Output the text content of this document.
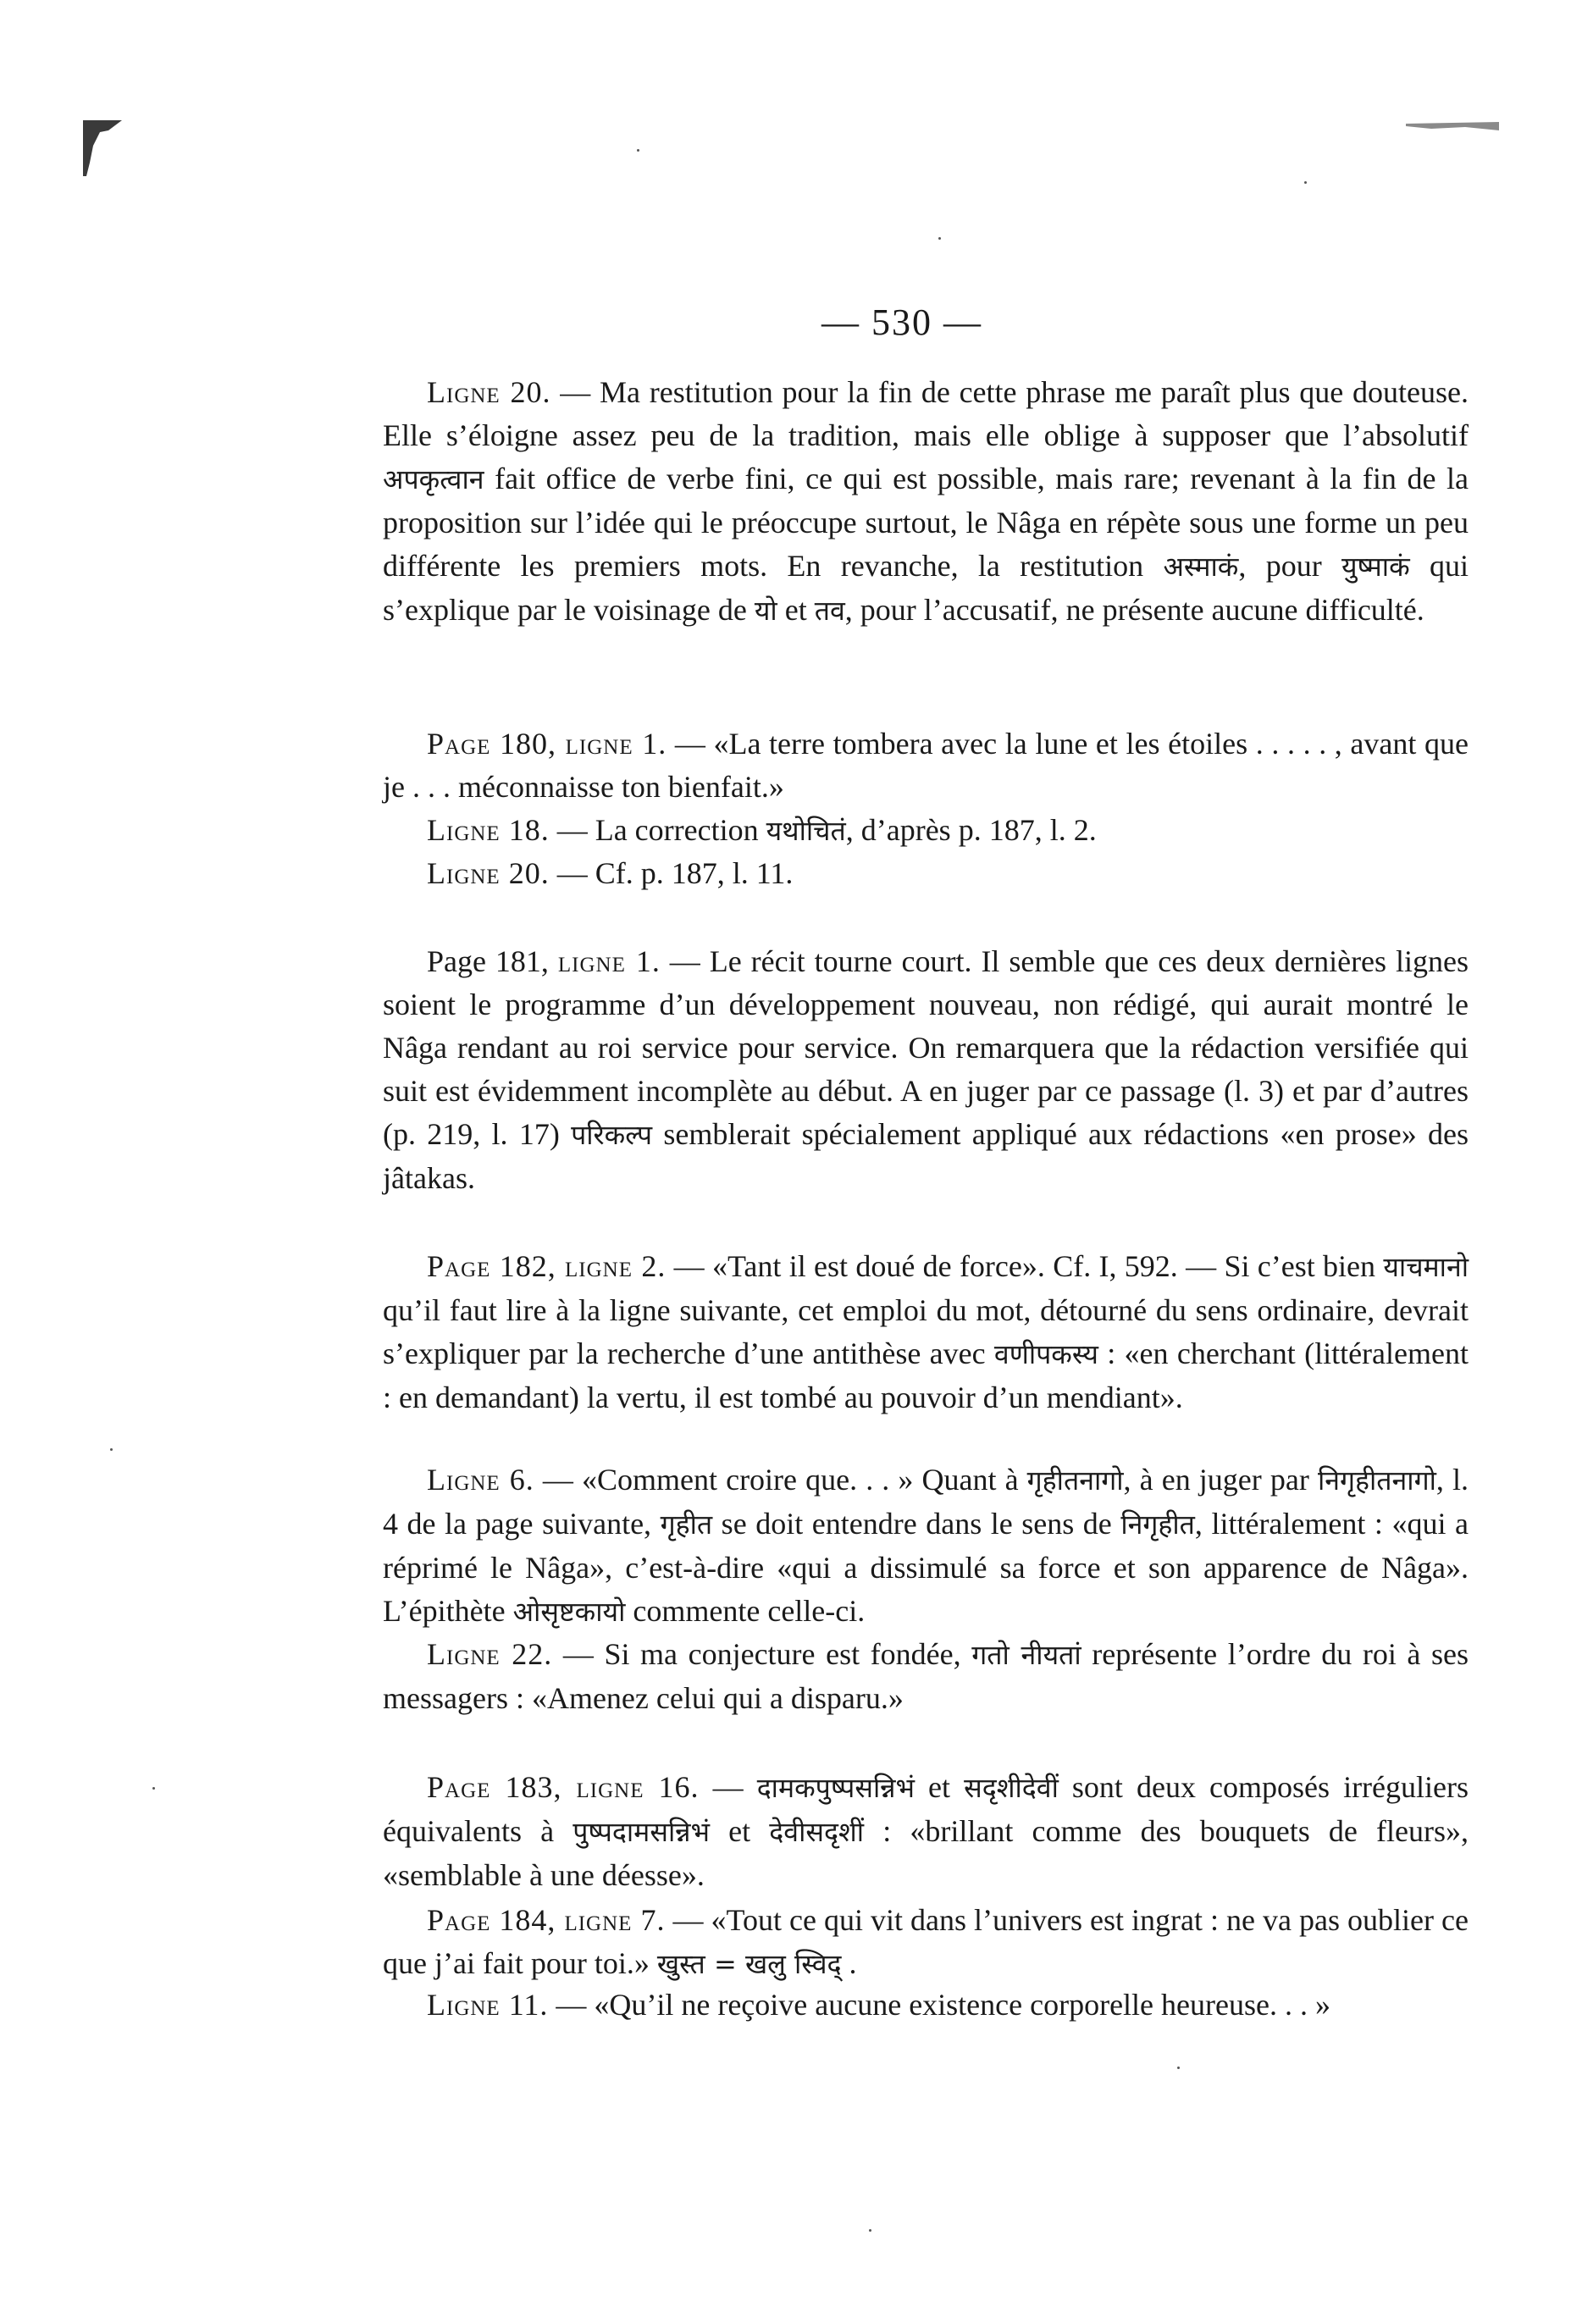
— 530 —

Ligne 20. — Ma restitution pour la fin de cette phrase me paraît plus que douteuse. Elle s’éloigne assez peu de la tradition, mais elle oblige à supposer que l’absolutif अपकृत्वान fait office de verbe fini, ce qui est possible, mais rare; revenant à la fin de la proposition sur l’idée qui le préoccupe surtout, le Nâga en répète sous une forme un peu différente les premiers mots. En revanche, la restitution अस्माकं, pour युष्माकं qui s’explique par le voisinage de यो et तव, pour l’accusatif, ne présente aucune difficulté.

Page 180, ligne 1. — «La terre tombera avec la lune et les étoiles . . . . . , avant que je . . . méconnaisse ton bienfait.»

Ligne 18. — La correction यथोचितं, d’après p. 187, l. 2.

Ligne 20. — Cf. p. 187, l. 11.

Page 181, ligne 1. — Le récit tourne court. Il semble que ces deux dernières lignes soient le programme d’un développement nouveau, non rédigé, qui aurait montré le Nâga rendant au roi service pour service. On remarquera que la rédaction versifiée qui suit est évidemment incomplète au début. A en juger par ce passage (l. 3) et par d’autres (p. 219, l. 17) परिकल्प semblerait spécialement appliqué aux rédactions «en prose» des jâtakas.

Page 182, ligne 2. — «Tant il est doué de force». Cf. I, 592. — Si c’est bien याचमानो qu’il faut lire à la ligne suivante, cet emploi du mot, détourné du sens ordinaire, devrait s’expliquer par la recherche d’une antithèse avec वणीपकस्य : «en cherchant (littéralement : en demandant) la vertu, il est tombé au pouvoir d’un mendiant».

Ligne 6. — «Comment croire que. . . » Quant à गृहीतनागो, à en juger par निगृहीतनागो, l. 4 de la page suivante, गृहीत se doit entendre dans le sens de निगृहीत, littéralement : «qui a réprimé le Nâga», c’est-à-dire «qui a dissimulé sa force et son apparence de Nâga». L’épithète ओसृष्टकायो commente celle-ci.

Ligne 22. — Si ma conjecture est fondée, गतो नीयतां représente l’ordre du roi à ses messagers : «Amenez celui qui a disparu.»

Page 183, ligne 16. — दामकपुष्पसन्निभं et सदृशीदेवीं sont deux composés irréguliers équivalents à पुष्पदामसन्निभं et देवीसदृशीं : «brillant comme des bouquets de fleurs», «semblable à une déesse».

Page 184, ligne 7. — «Tout ce qui vit dans l’univers est ingrat : ne va pas oublier ce que j’ai fait pour toi.» खुस्त = खलु स्विद् .

Ligne 11. — «Qu’il ne reçoive aucune existence corporelle heureuse. . . »
